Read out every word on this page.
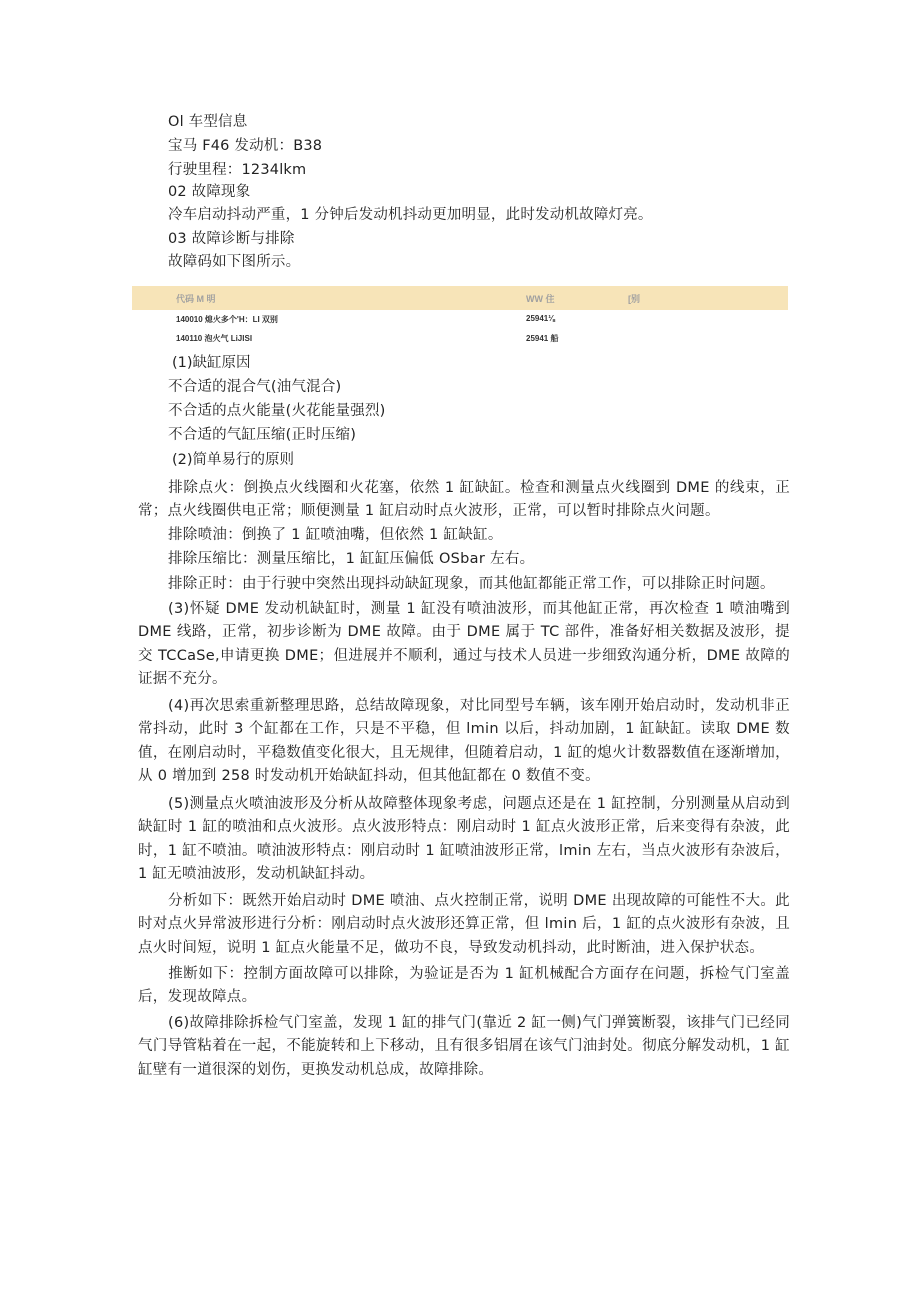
Ol 车型信息
宝马 F46 发动机：B38
行驶里程：1234lkm
02 故障现象
冷车启动抖动严重，1 分钟后发动机抖动更加明显，此时发动机故障灯亮。
03 故障诊断与排除
故障码如下图所示。
代码 M 明	WW 住	[别
140010 熄火多个'H：LI 双别	25941⅛
140110 泡火气 LiJISI	25941 船
(1)缺缸原因
不合适的混合气(油气混合)
不合适的点火能量(火花能量强烈)
不合适的气缸压缩(正时压缩)
(2)简单易行的原则
排除点火：倒换点火线圈和火花塞，依然 1 缸缺缸。检查和测量点火线圈到 DME 的线束，正常；点火线圈供电正常；顺便测量 1 缸启动时点火波形，正常，可以暂时排除点火问题。
排除喷油：倒换了 1 缸喷油嘴，但依然 1 缸缺缸。
排除压缩比：测量压缩比，1 缸缸压偏低 OSbar 左右。
排除正时：由于行驶中突然出现抖动缺缸现象，而其他缸都能正常工作，可以排除正时问题。
(3)怀疑 DME 发动机缺缸时，测量 1 缸没有喷油波形，而其他缸正常，再次检查 1 喷油嘴到 DME 线路，正常，初步诊断为 DME 故障。由于 DME 属于 TC 部件，准备好相关数据及波形，提交 TCCaSe,申请更换 DME；但进展并不顺利，通过与技术人员进一步细致沟通分析，DME 故障的证据不充分。
(4)再次思索重新整理思路，总结故障现象，对比同型号车辆，该车刚开始启动时，发动机非正常抖动，此时 3 个缸都在工作，只是不平稳，但 lmin 以后，抖动加剧，1 缸缺缸。读取 DME 数值，在刚启动时，平稳数值变化很大，且无规律，但随着启动，1 缸的熄火计数器数值在逐渐增加，从 0 增加到 258 时发动机开始缺缸抖动，但其他缸都在 0 数值不变。
(5)测量点火喷油波形及分析从故障整体现象考虑，问题点还是在 1 缸控制，分别测量从启动到缺缸时 1 缸的喷油和点火波形。点火波形特点：刚启动时 1 缸点火波形正常，后来变得有杂波，此时，1 缸不喷油。喷油波形特点：刚启动时 1 缸喷油波形正常，lmin 左右，当点火波形有杂波后，1 缸无喷油波形，发动机缺缸抖动。
分析如下：既然开始启动时 DME 喷油、点火控制正常，说明 DME 出现故障的可能性不大。此时对点火异常波形进行分析：刚启动时点火波形还算正常，但 lmin 后，1 缸的点火波形有杂波，且点火时间短，说明 1 缸点火能量不足，做功不良，导致发动机抖动，此时断油，进入保护状态。
推断如下：控制方面故障可以排除，为验证是否为 1 缸机械配合方面存在问题，拆检气门室盖后，发现故障点。
(6)故障排除拆检气门室盖，发现 1 缸的排气门(靠近 2 缸一侧)气门弹簧断裂，该排气门已经同气门导管粘着在一起，不能旋转和上下移动，且有很多铝屑在该气门油封处。彻底分解发动机，1 缸缸壁有一道很深的划伤，更换发动机总成，故障排除。
